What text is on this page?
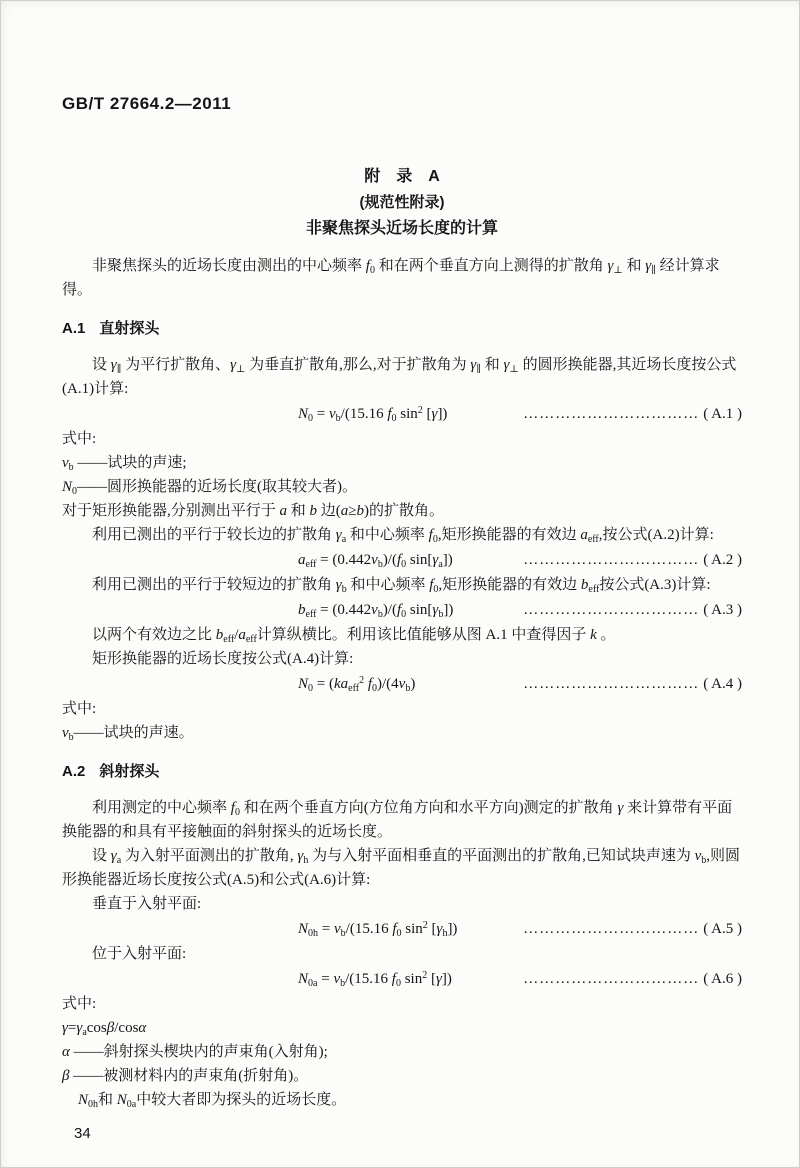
GB/T 27664.2—2011
附　录　A
(规范性附录)
非聚焦探头近场长度的计算

非聚焦探头的近场长度由测出的中心频率 $f_0$ 和在两个垂直方向上测得的扩散角 $\gamma_\perp$ 和 $\gamma_\parallel$ 经计算求得。

A.1 直射探头

设 $\gamma_\parallel$ 为平行扩散角、$\gamma_\perp$ 为垂直扩散角,那么,对于扩散角为 $\gamma_\parallel$ 和 $\gamma_\perp$ 的圆形换能器,其近场长度按公式(A.1)计算:

$N_0 = v_b/(15.16$ $f_0$ $\sin^2 [\gamma]$)	…………………………… ( A.1 )

式中:

$v_b$ ——试块的声速;

$N_0——$圆形换能器的近场长度(取其较大者)。

对于矩形换能器,分别测出平行于 a 和 b 边(a≥b)的扩散角。

利用已测出的平行于较长边的扩散角 $\gamma_a$ 和中心频率 $f_0$,矩形换能器的有效边 $a_{eff}$,按公式(A.2)计算:

$a_{eff} = (0.442v_b)/(f_0$ $\sin[\gamma_a]$)	…………………………… ( A.2 )

利用已测出的平行于较短边的扩散角 $\gamma_b$ 和中心频率 $f_0$,矩形换能器的有效边 $b_{eff}$按公式(A.3)计算:

$b_{eff} = (0.442v_b)/(f_0$ $\sin[\gamma_b]$)	…………………………… ( A.3 )

以两个有效边之比 $b_{eff}/a_{eff}$计算纵横比。利用该比值能够从图 A.1 中查得因子 k 。

矩形换能器的近场长度按公式(A.4)计算:

$N_0 = (ka_{eff}^2$ $f_0)/(4v_b)$	…………………………… ( A.4 )

式中:

$v_b——$试块的声速。

A.2 斜射探头

利用测定的中心频率 $f_0$ 和在两个垂直方向(方位角方向和水平方向)测定的扩散角 γ 来计算带有平面换能器的和具有平接触面的斜射探头的近场长度。

设 $\gamma_a$ 为入射平面测出的扩散角, $\gamma_h$ 为与入射平面相垂直的平面测出的扩散角,已知试块声速为 $v_b$,则圆形换能器近场长度按公式(A.5)和公式(A.6)计算:

垂直于入射平面:

$N_{0h} = v_b/(15.16$ $f_0$ $\sin^2 [\gamma_h]$)	…………………………… ( A.5 )

位于入射平面:

$N_{0a} = v_b/(15.16$ $f_0$ $\sin^2 [\gamma]$)	…………………………… ( A.6 )

式中:

$\gamma=\gamma_a\cos\beta$/cosα

α ——斜射探头楔块内的声束角(入射角);

β ——被测材料内的声束角(折射角)。

$N_{0h}$和 $N_{0a}$中较大者即为探头的近场长度。

34
